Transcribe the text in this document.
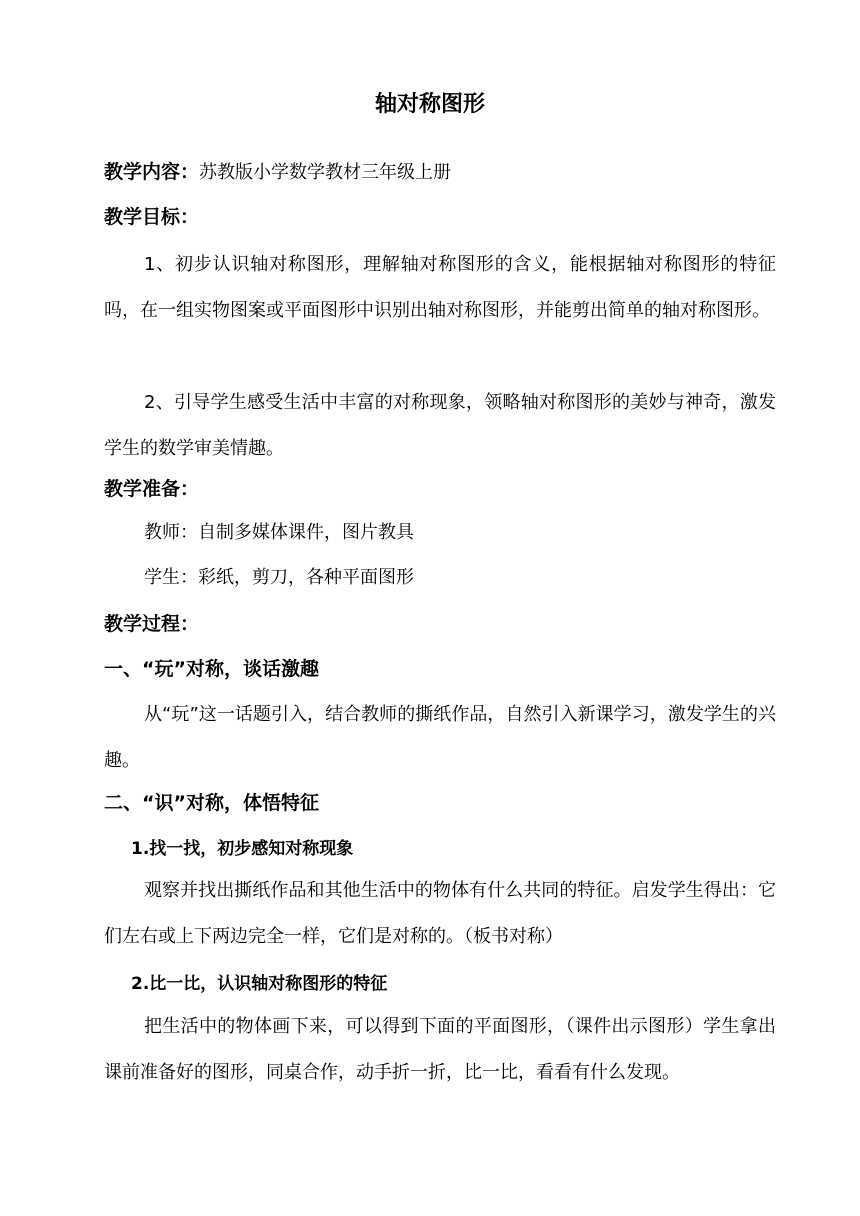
轴对称图形
教学内容：苏教版小学数学教材三年级上册
教学目标：
1、初步认识轴对称图形，理解轴对称图形的含义，能根据轴对称图形的特征吗，在一组实物图案或平面图形中识别出轴对称图形，并能剪出简单的轴对称图形。
2、引导学生感受生活中丰富的对称现象，领略轴对称图形的美妙与神奇，激发学生的数学审美情趣。
教学准备：
教师：自制多媒体课件，图片教具
学生：彩纸，剪刀，各种平面图形
教学过程：
一、“玩”对称，谈话激趣
从“玩”这一话题引入，结合教师的撕纸作品，自然引入新课学习，激发学生的兴趣。
二、“识”对称，体悟特征
1.找一找，初步感知对称现象
观察并找出撕纸作品和其他生活中的物体有什么共同的特征。启发学生得出：它们左右或上下两边完全一样，它们是对称的。（板书对称）
2.比一比，认识轴对称图形的特征
把生活中的物体画下来，可以得到下面的平面图形，（课件出示图形）学生拿出课前准备好的图形，同桌合作，动手折一折，比一比，看看有什么发现。
